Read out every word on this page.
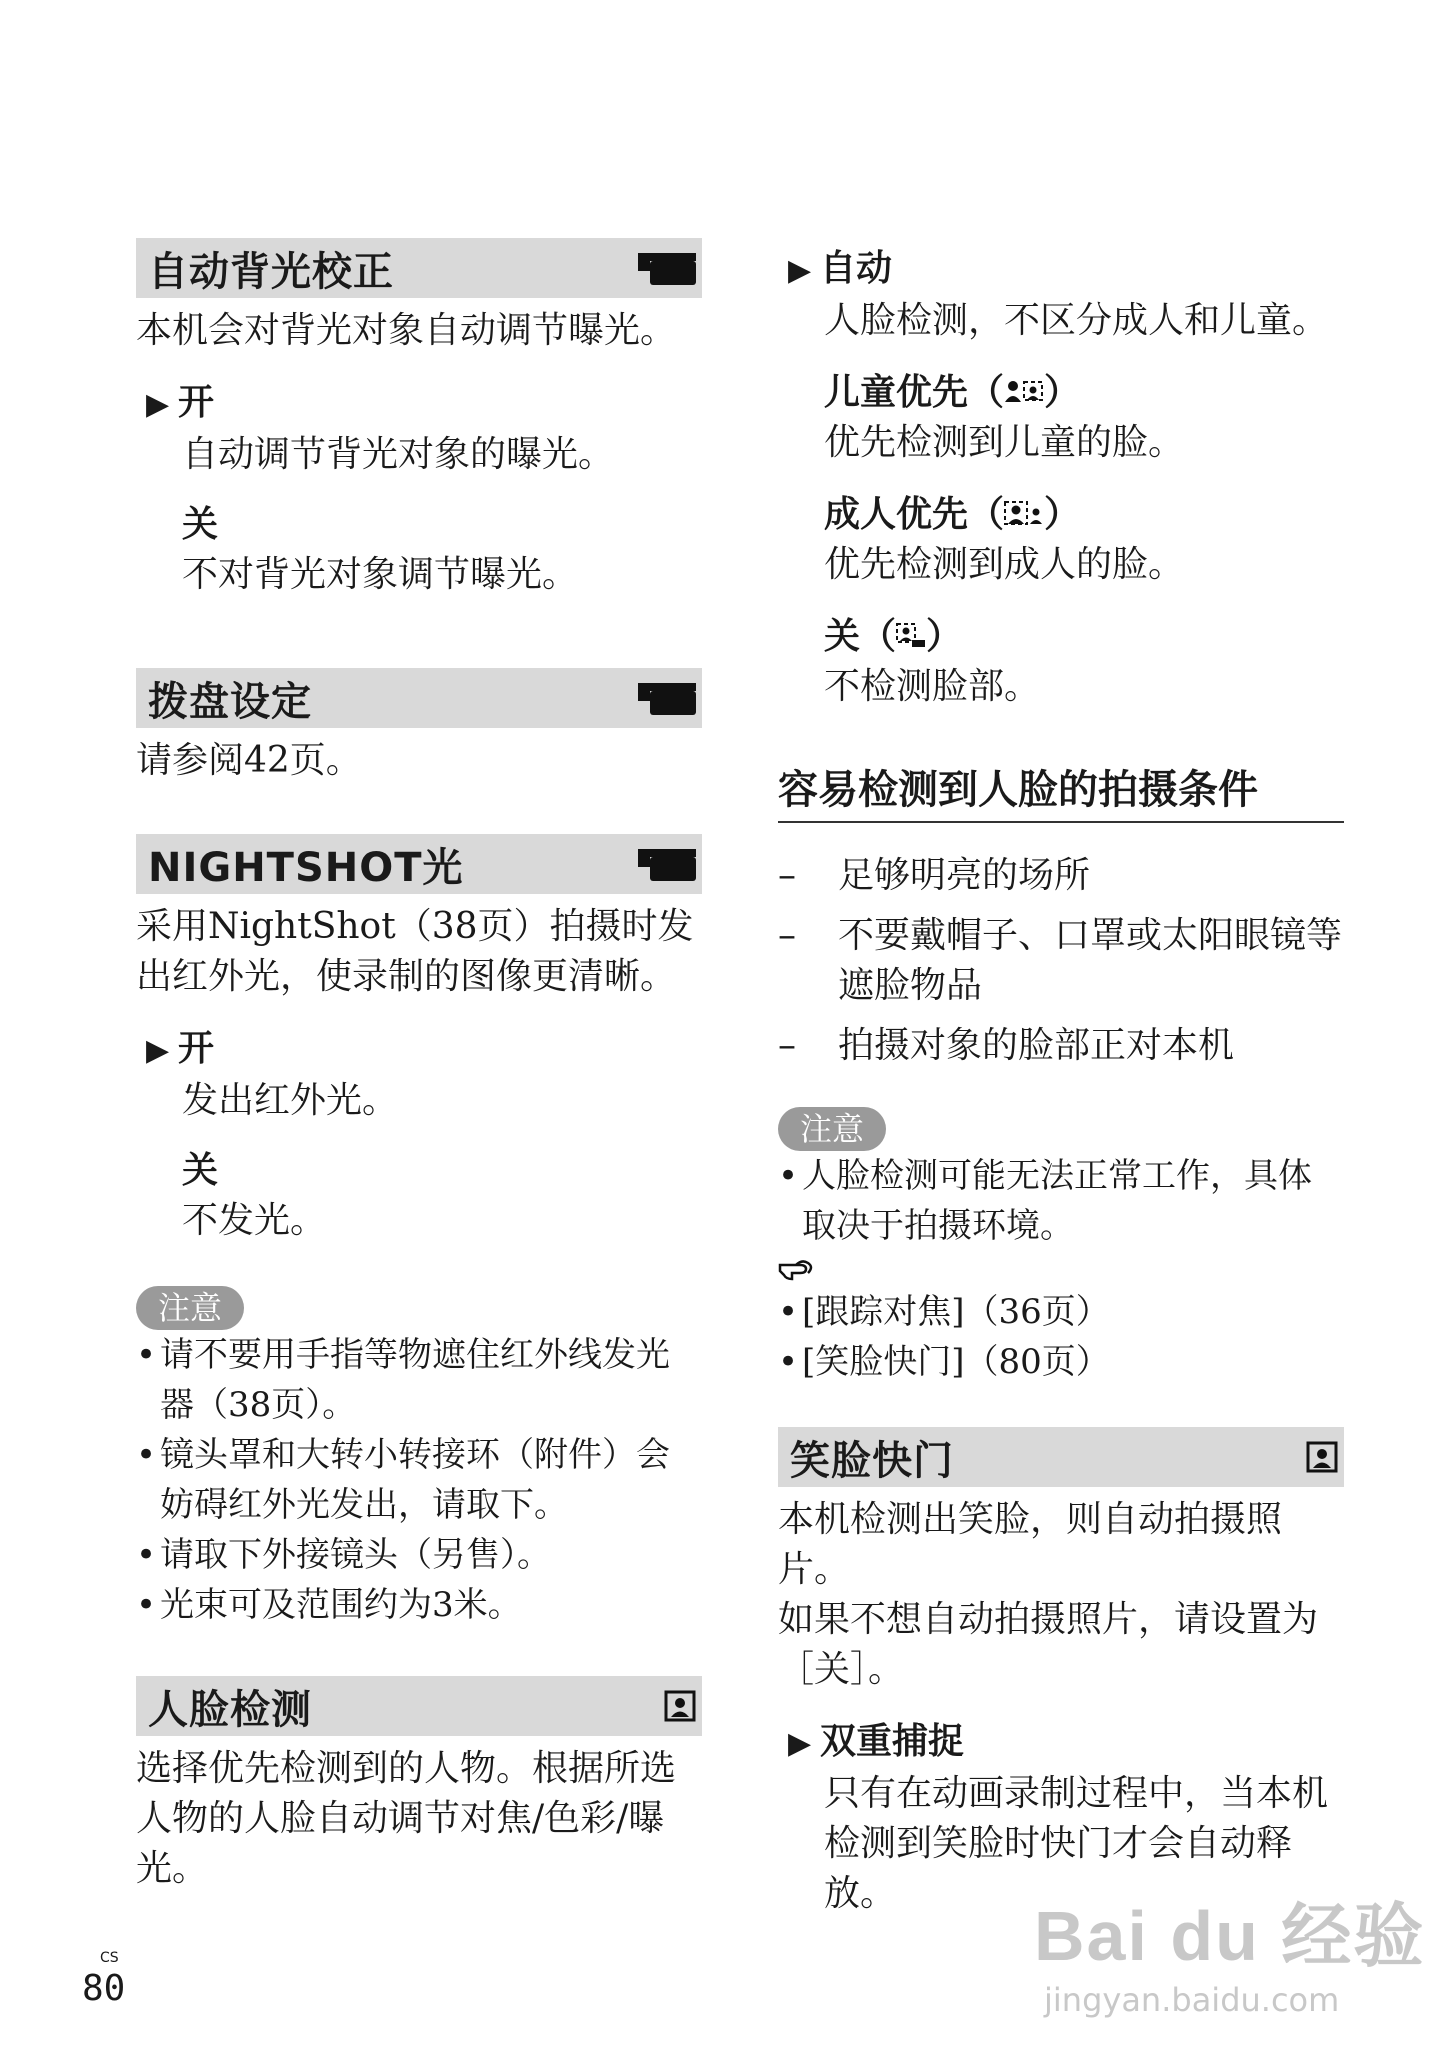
自动背光校正
本机会对背光对象自动调节曝光。
▶ 开
自动调节背光对象的曝光。
关
不对背光对象调节曝光。
拨盘设定
请参阅42页。
NIGHTSHOT光
采用NightShot（38页）拍摄时发出红外光，使录制的图像更清晰。
▶ 开
发出红外光。
关
不发光。
注意
• 请不要用手指等物遮住红外线发光器（38页）。
• 镜头罩和大转小转接环（附件）会妨碍红外光发出，请取下。
• 请取下外接镜头（另售）。
• 光束可及范围约为3米。
人脸检测
选择优先检测到的人物。根据所选人物的人脸自动调节对焦/色彩/曝光。
▶ 自动
人脸检测，不区分成人和儿童。
儿童优先（ ）
优先检测到儿童的脸。
成人优先（ ）
优先检测到成人的脸。
关（ ）
不检测脸部。
容易检测到人脸的拍摄条件
–	足够明亮的场所
–	不要戴帽子、口罩或太阳眼镜等遮脸物品
–	拍摄对象的脸部正对本机
注意
• 人脸检测可能无法正常工作，具体取决于拍摄环境。
• [跟踪对焦]（36页）
• [笑脸快门]（80页）
笑脸快门
本机检测出笑脸，则自动拍摄照片。
如果不想自动拍摄照片，请设置为［关］。
▶ 双重捕捉
只有在动画录制过程中，当本机检测到笑脸时快门才会自动释放。
CS
80
Bai du 经验
jingyan.baidu.com
